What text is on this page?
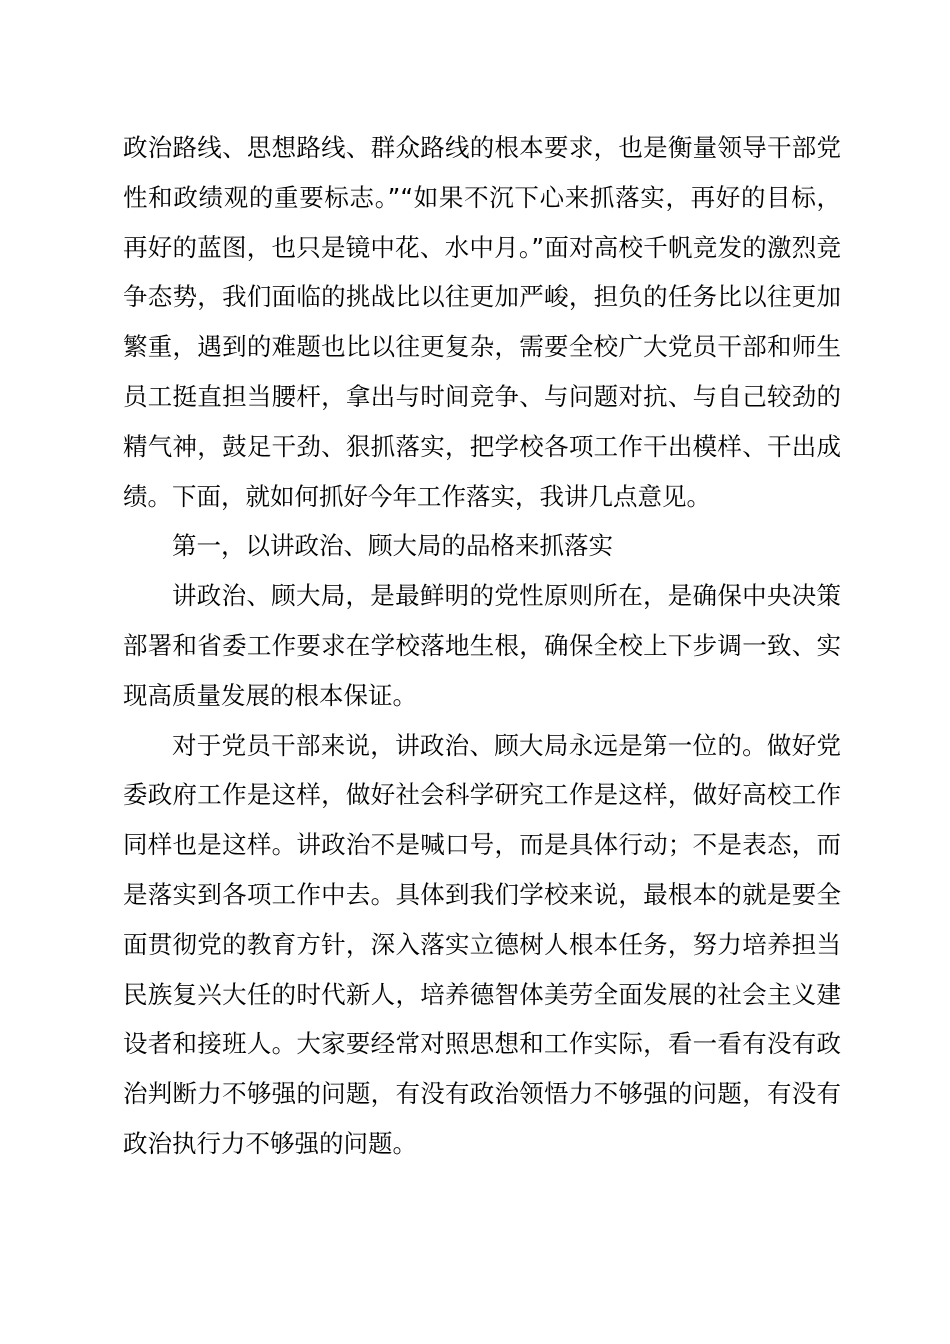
政治路线、思想路线、群众路线的根本要求，也是衡量领导干部党性和政绩观的重要标志。”“如果不沉下心来抓落实，再好的目标，再好的蓝图，也只是镜中花、水中月。”面对高校千帆竞发的激烈竞争态势，我们面临的挑战比以往更加严峻，担负的任务比以往更加繁重，遇到的难题也比以往更复杂，需要全校广大党员干部和师生员工挺直担当腰杆，拿出与时间竞争、与问题对抗、与自己较劲的精气神，鼓足干劲、狠抓落实，把学校各项工作干出模样、干出成绩。下面，就如何抓好今年工作落实，我讲几点意见。

第一，以讲政治、顾大局的品格来抓落实

讲政治、顾大局，是最鲜明的党性原则所在，是确保中央决策部署和省委工作要求在学校落地生根，确保全校上下步调一致、实现高质量发展的根本保证。

对于党员干部来说，讲政治、顾大局永远是第一位的。做好党委政府工作是这样，做好社会科学研究工作是这样，做好高校工作同样也是这样。讲政治不是喊口号，而是具体行动；不是表态，而是落实到各项工作中去。具体到我们学校来说，最根本的就是要全面贯彻党的教育方针，深入落实立德树人根本任务，努力培养担当民族复兴大任的时代新人，培养德智体美劳全面发展的社会主义建设者和接班人。大家要经常对照思想和工作实际，看一看有没有政治判断力不够强的问题，有没有政治领悟力不够强的问题，有没有政治执行力不够强的问题。
